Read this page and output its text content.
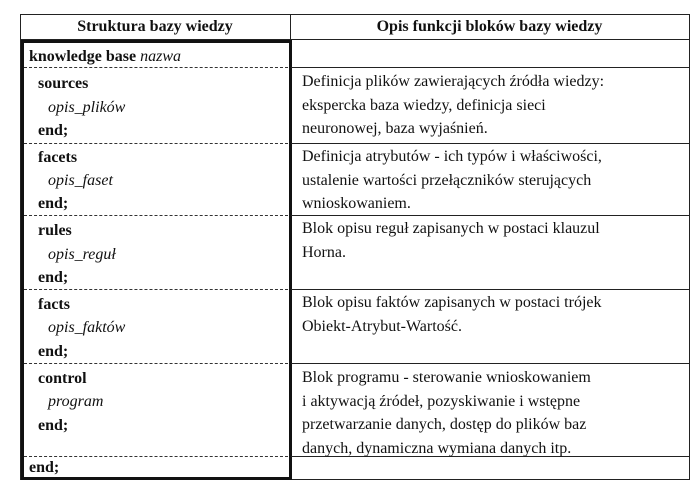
Struktura bazy wiedzy	Opis funkcji bloków bazy wiedzy
knowledge base nazwa
sources
opis_plików
end;
facets
opis_faset
end;
rules
opis_reguł
end;
facts
opis_faktów
end;
control
program
end;
end;
Definicja plików zawierających źródła wiedzy:
ekspercka baza wiedzy, definicja sieci
neuronowej, baza wyjaśnień.
Definicja atrybutów - ich typów i właściwości,
ustalenie wartości przełączników sterujących
wnioskowaniem.
Blok opisu reguł zapisanych w postaci klauzul
Horna.
Blok opisu faktów zapisanych w postaci trójek
Obiekt-Atrybut-Wartość.
Blok programu - sterowanie wnioskowaniem
i aktywacją źródeł, pozyskiwanie i wstępne
przetwarzanie danych, dostęp do plików baz
danych, dynamiczna wymiana danych itp.
